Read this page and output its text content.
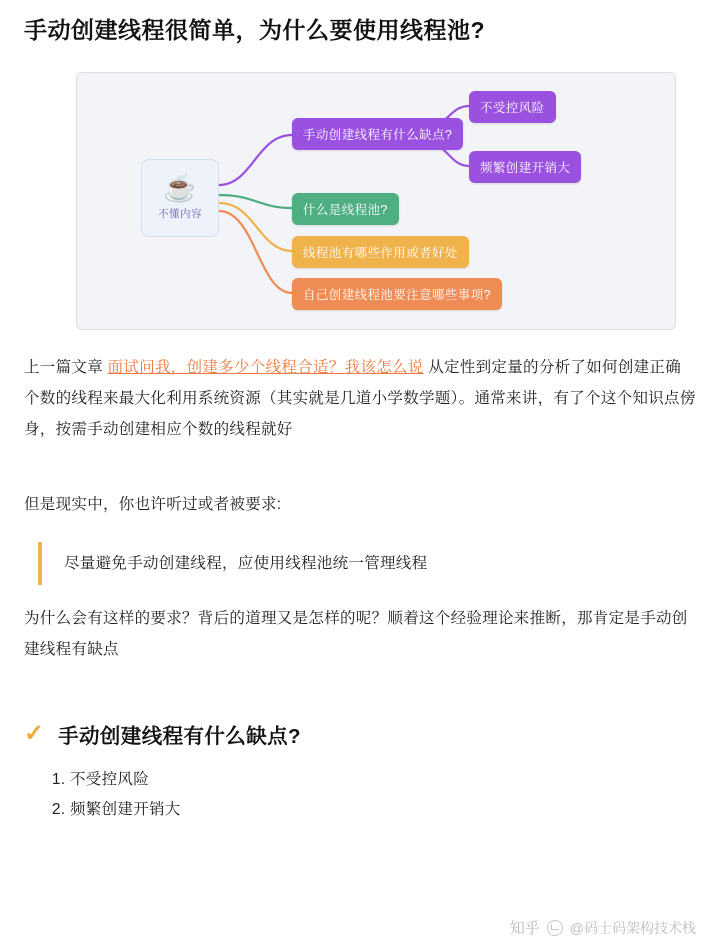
手动创建线程很简单，为什么要使用线程池?
☕
不懂内容
手动创建线程有什么缺点?
不受控风险
频繁创建开销大
什么是线程池?
线程池有哪些作用或者好处
自己创建线程池要注意哪些事项?

上一篇文章 面试问我，创建多少个线程合适？我该怎么说 从定性到定量的分析了如何创建正确个数的线程来最大化利用系统资源（其实就是几道小学数学题）。通常来讲，有了个这个知识点傍身，按需手动创建相应个数的线程就好

但是现实中，你也许听过或者被要求:

尽量避免手动创建线程，应使用线程池统一管理线程

为什么会有这样的要求？背后的道理又是怎样的呢？顺着这个经验理论来推断，那肯定是手动创建线程有缺点

✓ 手动创建线程有什么缺点?
1. 不受控风险
2. 频繁创建开销大
知乎 @码士码架构技术栈
